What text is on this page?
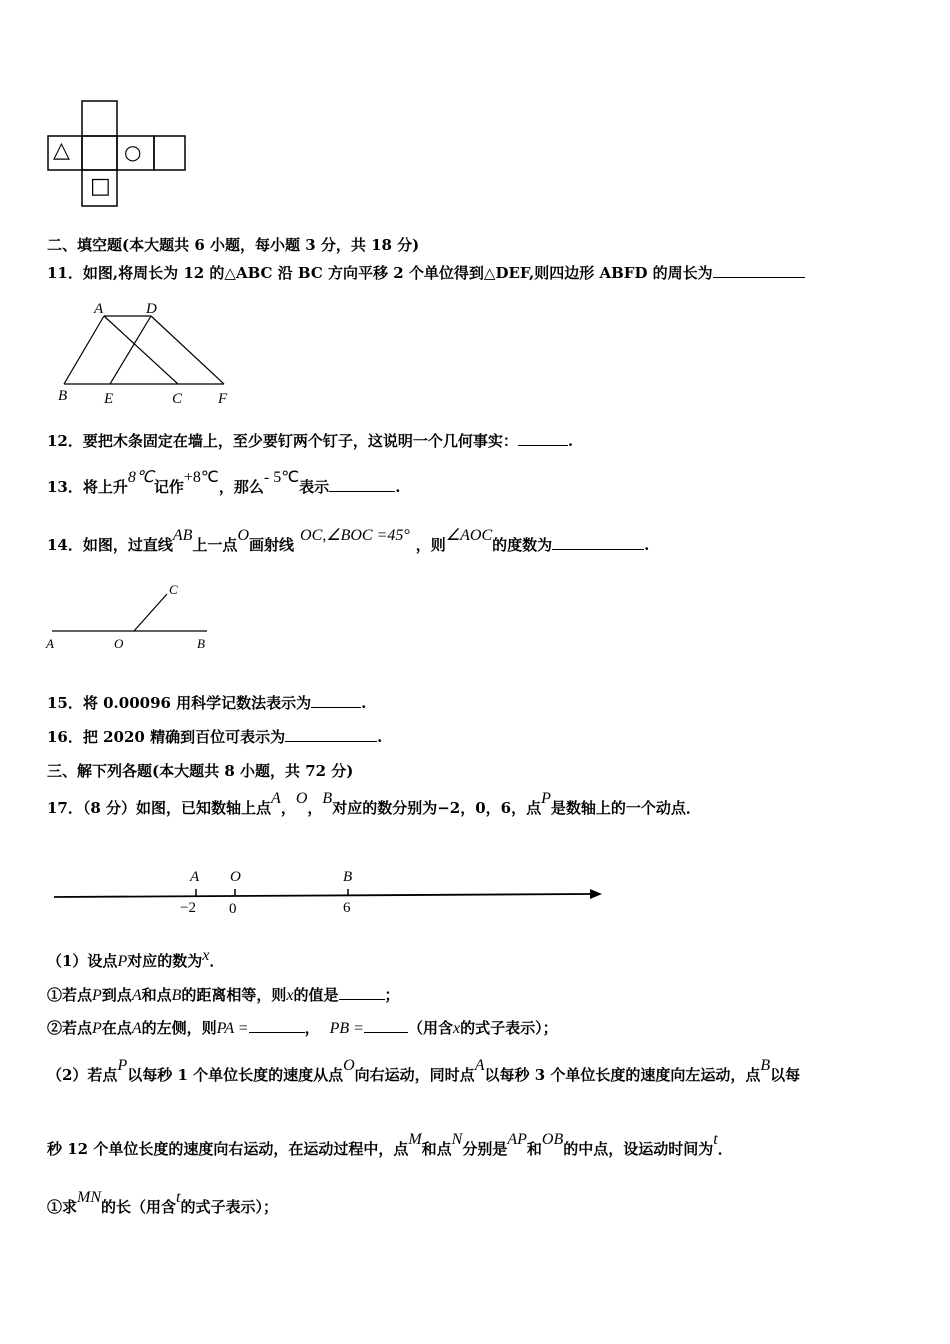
△	○
□
二、填空题(本大题共 6 小题，每小题 3 分，共 18 分)
11．如图,将周长为 12 的△ABC 沿 BC 方向平移 2 个单位得到△DEF,则四边形 ABFD 的周长为
A	D
B E	C F
12．要把木条固定在墙上，至少要钉两个钉子，这说明一个几何事实：	.
13．将上升8℃记作+8℃，那么- 5℃表示	.
14．如图，过直线AB上一点O画射线OC,∠BOC =45°，则∠AOC的度数为	.
C
A	O	B
15．将 0.00096 用科学记数法表示为	.
16．把 2020 精确到百位可表示为	.
三、解下列各题(本大题共 8 小题，共 72 分)
17．（8 分）如图，已知数轴上点A，O，B对应的数分别为−2，0，6，点P是数轴上的一个动点．
A O	B
−2 0	6
（1）设点P对应的数为x．
①若点P到点A和点B的距离相等，则x的值是	；
②若点P在点A的左侧，则PA =	， PB =	（用含x的式子表示）；
（2）若点P以每秒 1 个单位长度的速度从点O向右运动，同时点A以每秒 3 个单位长度的速度向左运动，点B以每
秒 12 个单位长度的速度向右运动，在运动过程中，点M和点N分别是AP和OB的中点，设运动时间为t．
①求MN的长（用含t的式子表示）；
